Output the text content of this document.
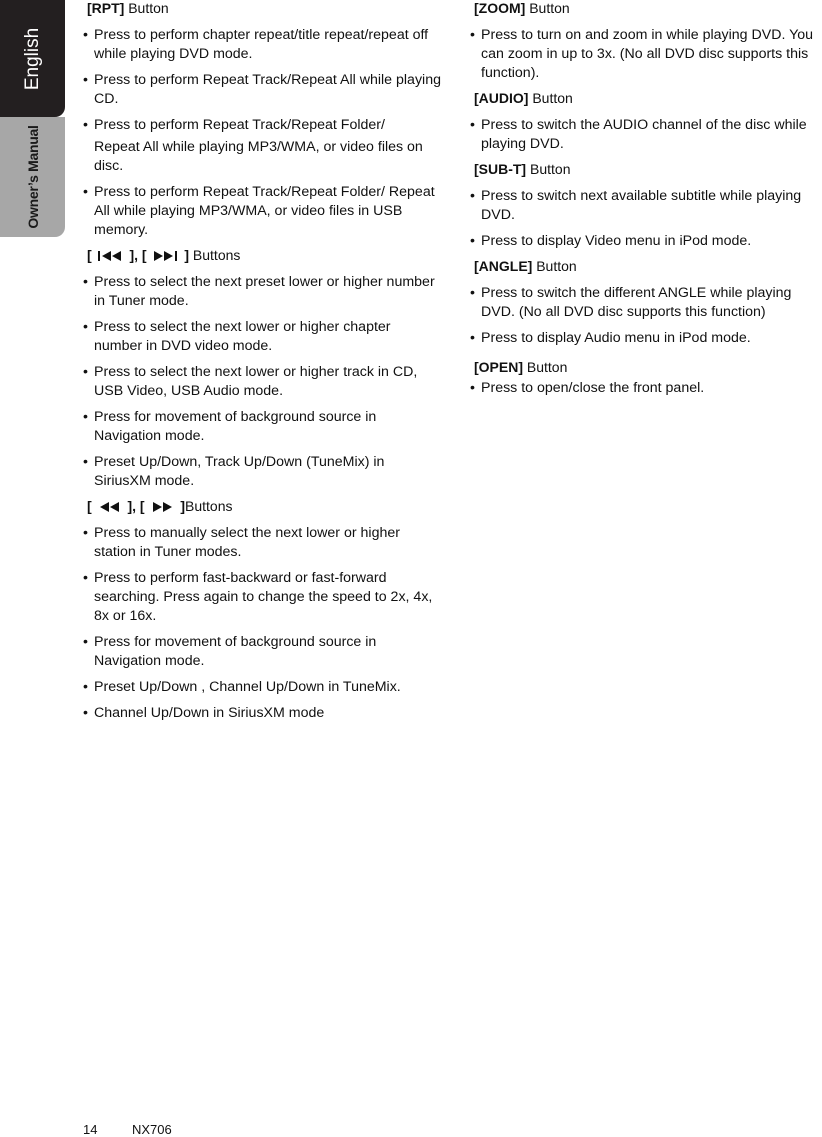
English
Owner’s Manual
[RPT] Button
• Press to perform chapter repeat/title repeat/repeat off while playing DVD mode.
• Press to perform Repeat Track/Repeat All while playing CD.
• Press to perform Repeat Track/Repeat Folder/
Repeat All while playing MP3/WMA, or video files on disc.
• Press to perform Repeat Track/Repeat Folder/ Repeat All while playing MP3/WMA, or video files in USB memory.
[	], [	] Buttons
• Press to select the next preset lower or higher number in Tuner mode.
• Press to select the next lower or higher chapter number in DVD video mode.
• Press to select the next lower or higher track in CD, USB Video, USB Audio mode.
• Press for movement of background source in Navigation mode.
• Preset Up/Down, Track Up/Down (TuneMix) in SiriusXM mode.
[	], [	]Buttons
• Press to manually select the next lower or higher station in Tuner modes.
• Press to perform fast-backward or fast-forward searching. Press again to change the speed to 2x, 4x, 8x or 16x.
• Press for movement of background source in Navigation mode.
• Preset Up/Down , Channel Up/Down in TuneMix.
• Channel Up/Down in SiriusXM mode
[ZOOM] Button
• Press to turn on and zoom in while playing DVD. You can zoom in up to 3x. (No all DVD disc supports this function).
[AUDIO] Button
• Press to switch the AUDIO channel of the disc while playing DVD.
[SUB-T] Button
• Press to switch next available subtitle while playing DVD.
• Press to display Video menu in iPod mode.
[ANGLE] Button
• Press to switch the different ANGLE while playing DVD. (No all DVD disc supports this function)
• Press to display Audio menu in iPod mode.
[OPEN] Button
• Press to open/close the front panel.
14	NX706
